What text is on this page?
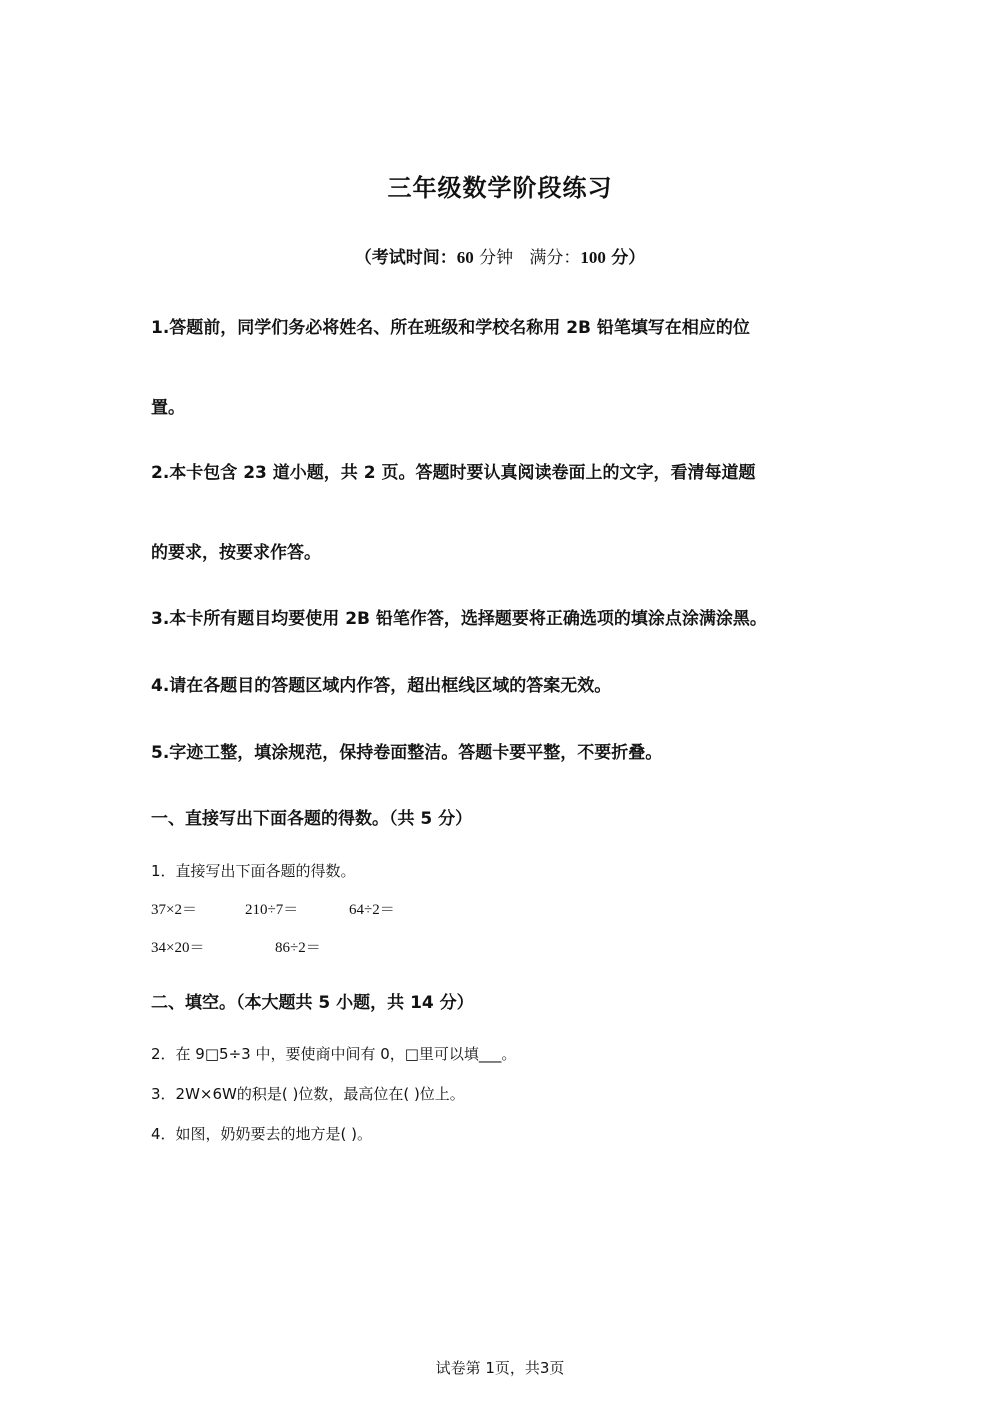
三年级数学阶段练习
（考试时间：60 分钟 满分：100 分）
1.答题前，同学们务必将姓名、所在班级和学校名称用 2B 铅笔填写在相应的位
置。
2.本卡包含 23 道小题，共 2 页。答题时要认真阅读卷面上的文字，看清每道题
的要求，按要求作答。
3.本卡所有题目均要使用 2B 铅笔作答，选择题要将正确选项的填涂点涂满涂黑。
4.请在各题目的答题区域内作答，超出框线区域的答案无效。
5.字迹工整，填涂规范，保持卷面整洁。答题卡要平整，不要折叠。
一、直接写出下面各题的得数。（共 5 分）
1．直接写出下面各题的得数。
37×2＝	210÷7＝	64÷2＝
34×20＝	86÷2＝
二、填空。（本大题共 5 小题，共 14 分）
2．在 9□5÷3 中，要使商中间有 0，□里可以填___。
3．2W×6W的积是( )位数，最高位在( )位上。
4．如图，奶奶要去的地方是( )。
试卷第 1页，共3页
